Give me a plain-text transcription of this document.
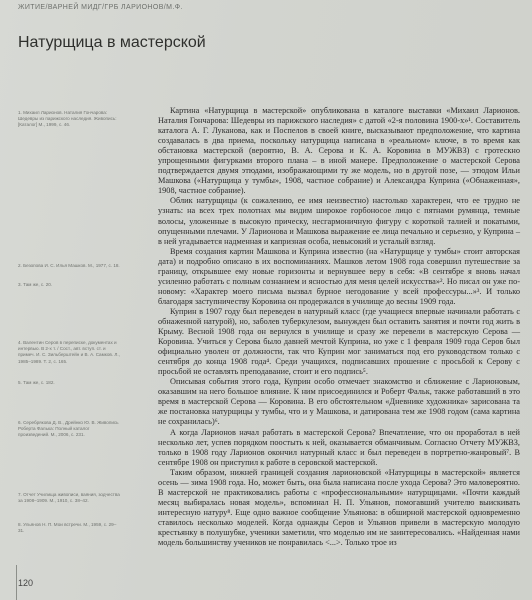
ЖИТИЕ/ВАРНЕЙ МИДГ/ГРБ ЛАРИОНОВ/М.Ф.
Натурщица в мастерской
1. Михаил Ларионов. Наталия Гончарова: Шедевры из парижского наследия. Живопись: [Каталог] М., 1999, с. 46.
2. Безопова И. С. Илья Машков. М., 1977, с. 18.
3. Там же, с. 20.
4. Валентин Серов в переписке, документах и интервью. В 2-х т. / Сост., авт. вступ. ст. и примеч. И. С. Зильберштейн и В. А. Самков. Л., 1985–1989. Т. 2, с. 165.
5. Там же, с. 182.
6. Серебрякова Д. В., Дрейнко Ю. В. Живопись Роберта Фалька: Полный каталог произведений. М., 2006, с. 231.
7. Отчет Училища живописи, ваяния, зодчества за 1908–1909. М., 1910, с. 38–42.
8. Ульянов Н. П. Мои встречи. М., 1959, с. 29–31.

Картина «Натурщица в мастерской» опубликована в каталоге выставки «Михаил Ларионов. Наталия Гончарова: Шедевры из парижского наследия» с датой «2-я половина 1900-х»¹. Составитель каталога А. Г. Луканова, как и Поспелов в своей книге, высказывают предположение, что картина создавалась в два приема, поскольку натурщица написана в «реальном» ключе, в то время как обстановка мастерской (вероятно, В. А. Серова и К. А. Коровина в МУЖВЗ) с гротескно упрощенными фигурками второго плана – в иной манере. Предположение о мастерской Серова подтверждается двумя этюдами, изображающими ту же модель, но в другой позе, — этюдом Ильи Машкова («Натурщица у тумбы», 1908, частное собрание) и Александра Куприна («Обнаженная», 1908, частное собрание).

Облик натурщицы (к сожалению, ее имя неизвестно) настолько характерен, что ее трудно не узнать: на всех трех полотнах мы видим широкое горбоносое лицо с пятнами румянца, темные волосы, уложенные в высокую прическу, несгармоничную фигуру с короткой талией и покатыми, опущенными плечами. У Ларионова и Машкова выражение ее лица печально и серьезно, у Куприна – в ней угадывается надменная и капризная особа, невысокий и усталый взгляд.

Время создания картин Машкова и Куприна известно (на «Натурщице у тумбы» стоит авторская дата) и подробно описано в их воспоминаниях. Машков летом 1908 года совершил путешествие за границу, открывшее ему новые горизонты и вернувшее веру в себя: «В сентябре я вновь начал усиленно работать с полным сознанием и ясностью для меня целей искусства»². Но писал он уже по-новому: «Характер моего письма вызвал бурное негодование у всей профессуры...»³. И только благодаря заступничеству Коровина он продержался в училище до весны 1909 года.

Куприн в 1907 году был переведен в натурный класс (где учащиеся впервые начинали работать с обнаженной натурой), но, заболев туберкулезом, вынужден был оставить занятия и почти год жить в Крыму. Весной 1908 года он вернулся в училище и сразу же перевели в мастерскую Серова — Коровина. Учиться у Серова было давней мечтой Куприна, но уже с 1 февраля 1909 года Серов был официально уволен от должности, так что Куприн мог заниматься под его руководством только с сентября до конца 1908 года⁴. Среди учащихся, подписавших прошение с просьбой к Серову с просьбой не оставлять преподавание, стоит и его подпись⁵.

Описывая события этого года, Куприн особо отмечает знакомство и сближение с Ларионовым, оказавшим на него большое влияние. К ним присоединился и Роберт Фальк, также работавший в это время в мастерской Серова — Коровина. В его обстоятельном «Дневнике художника» зарисована та же постановка натурщицы у тумбы, что и у Машкова, и датирована тем же 1908 годом (сама картина не сохранилась)⁶.

А когда Ларионов начал работать в мастерской Серова? Впечатление, что он проработал в ней несколько лет, успев порядком поостыть к ней, оказывается обманчивым. Согласно Отчету МУЖВЗ, только в 1908 году Ларионов окончил натурный класс и был переведен в портретно-жанровый⁷. В сентябре 1908 он приступил к работе в серовской мастерской.

Таким образом, нижней границей создания ларионовской «Натурщицы в мастерской» является осень — зима 1908 года. Но, может быть, она была написана после ухода Серова? Это маловероятно. В мастерской не практиковались работы с «профессиональными» натурщицами. «Почти каждый месяц выбиралась новая модель», вспоминал Н. П. Ульянов, помогавший учителю выискивать интересную натуру⁸. Еще одно важное сообщение Ульянова: в обширной мастерской одновременно ставилось несколько моделей. Когда однажды Серов и Ульянов привели в мастерскую молодую крестьянку в полушубке, ученики заметили, что моделью им не заинтересовались. «Найденная нами модель большинству учеников не понравилась <...>. Только трое из

120
